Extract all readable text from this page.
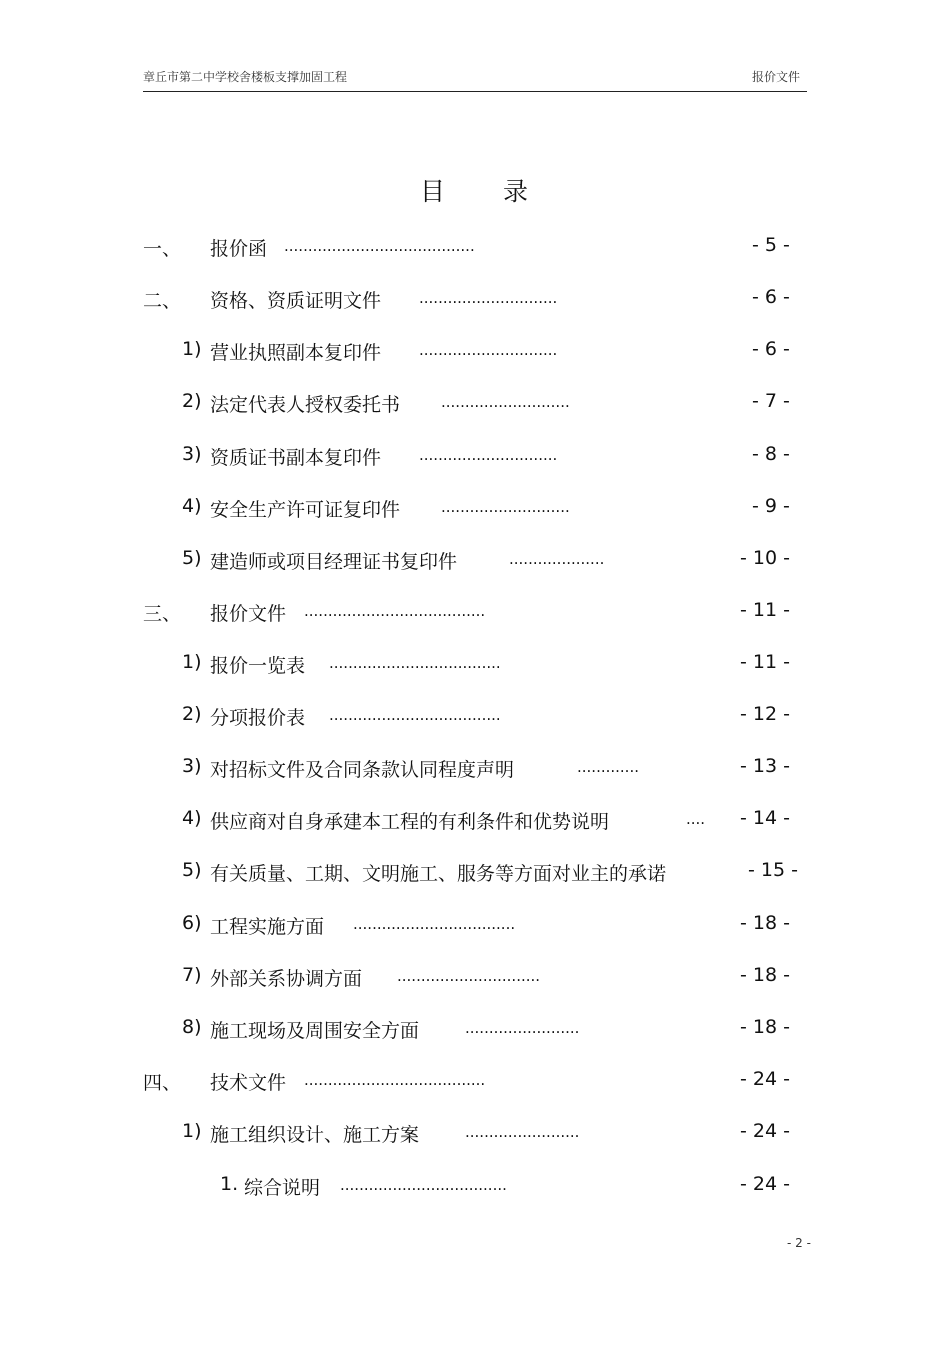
章丘市第二中学校舍楼板支撑加固工程	报价文件
目录
一、 报价函 ........................................	- 5 -
二、 资格、资质证明文件	.............................	- 6 -
1) 营业执照副本复印件	.............................	- 6 -
2) 法定代表人授权委托书	...........................	- 7 -
3) 资质证书副本复印件	.............................	- 8 -
4) 安全生产许可证复印件	...........................	- 9 -
5) 建造师或项目经理证书复印件	....................	- 10 -
三、 报价文件 ......................................	- 11 -
1) 报价一览表 ....................................	- 11 -
2) 分项报价表 ....................................	- 12 -
3) 对招标文件及合同条款认同程度声明	.............	- 13 -
4) 供应商对自身承建本工程的有利条件和优势说明	.... - 14 -
5) 有关质量、工期、文明施工、服务等方面对业主的承诺	- 15 -
6) 工程实施方面 ..................................	- 18 -
7) 外部关系协调方面 ..............................	- 18 -
8) 施工现场及周围安全方面	........................	- 18 -
四、 技术文件 ......................................	- 24 -
1) 施工组织设计、施工方案	........................	- 24 -
1. 综合说明 ...................................	- 24 -
- 2 -
